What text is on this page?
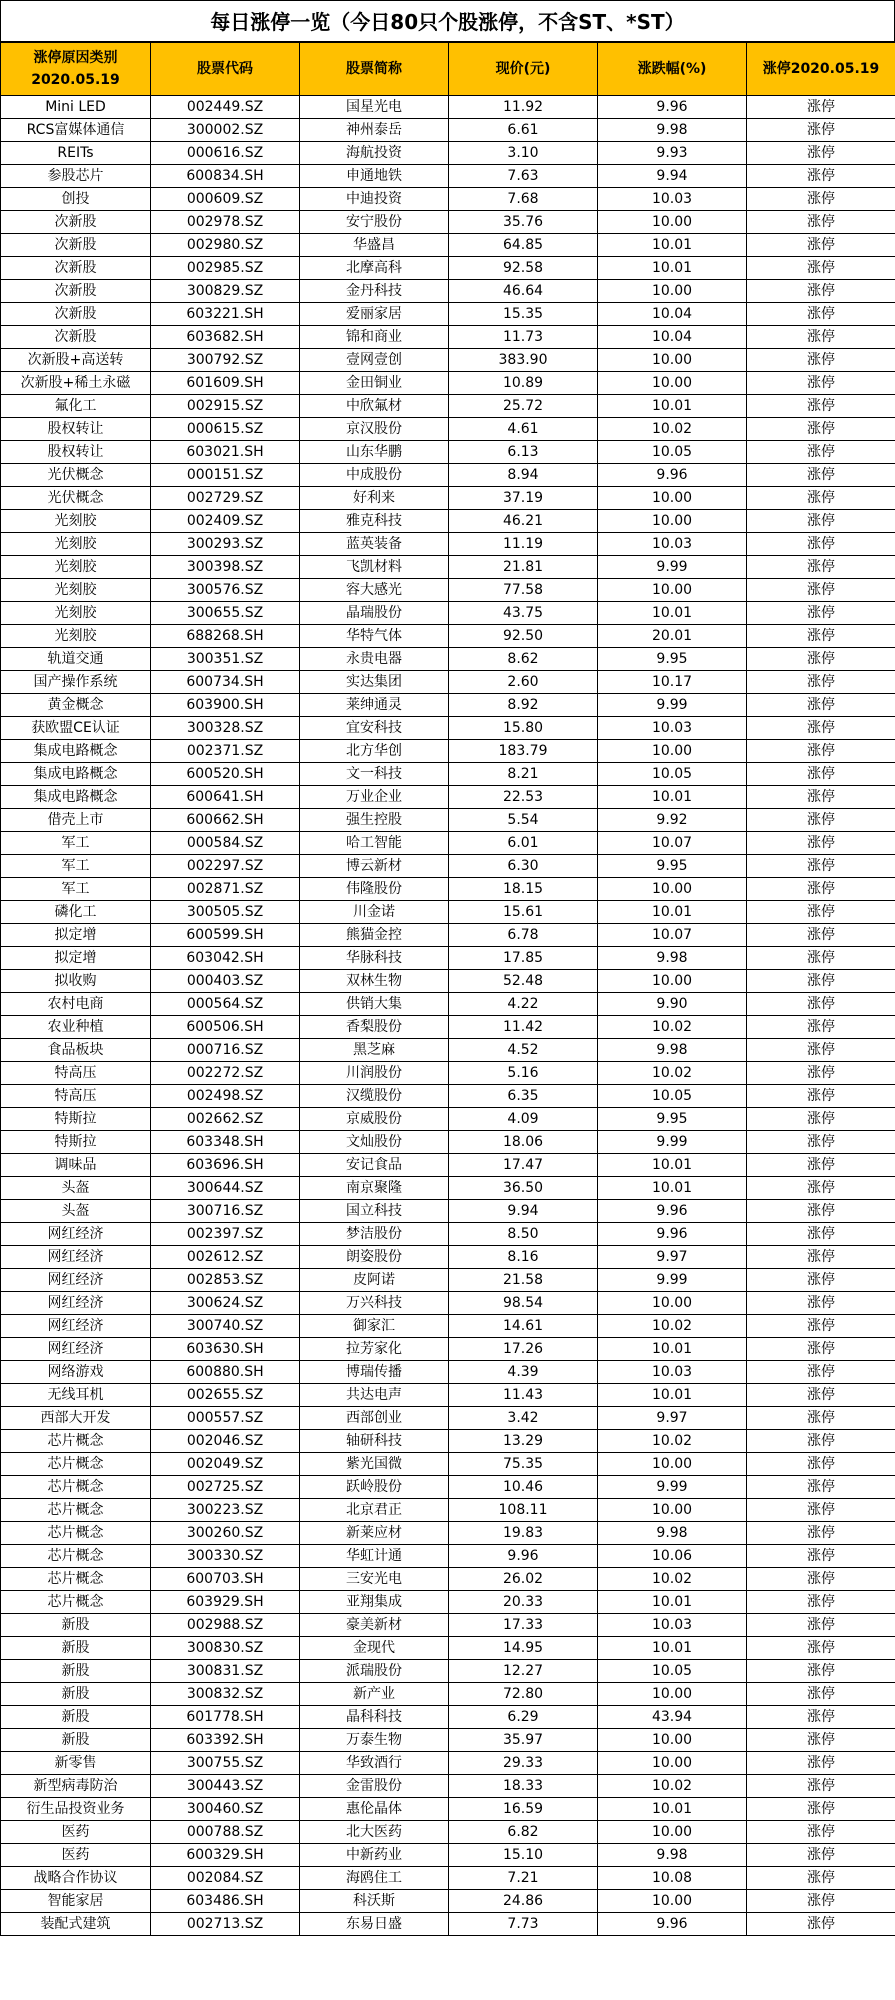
每日涨停一览（今日80只个股涨停，不含ST、*ST）
涨停原因类别
2020.05.19	股票代码	股票简称	现价(元)	涨跌幅(%)	涨停2020.05.19
Mini LED	002449.SZ	国星光电	11.92	9.96	涨停
RCS富媒体通信	300002.SZ	神州泰岳	6.61	9.98	涨停
REITs	000616.SZ	海航投资	3.10	9.93	涨停
参股芯片	600834.SH	申通地铁	7.63	9.94	涨停
创投	000609.SZ	中迪投资	7.68	10.03	涨停
次新股	002978.SZ	安宁股份	35.76	10.00	涨停
次新股	002980.SZ	华盛昌	64.85	10.01	涨停
次新股	002985.SZ	北摩高科	92.58	10.01	涨停
次新股	300829.SZ	金丹科技	46.64	10.00	涨停
次新股	603221.SH	爱丽家居	15.35	10.04	涨停
次新股	603682.SH	锦和商业	11.73	10.04	涨停
次新股+高送转	300792.SZ	壹网壹创	383.90	10.00	涨停
次新股+稀土永磁	601609.SH	金田铜业	10.89	10.00	涨停
氟化工	002915.SZ	中欣氟材	25.72	10.01	涨停
股权转让	000615.SZ	京汉股份	4.61	10.02	涨停
股权转让	603021.SH	山东华鹏	6.13	10.05	涨停
光伏概念	000151.SZ	中成股份	8.94	9.96	涨停
光伏概念	002729.SZ	好利来	37.19	10.00	涨停
光刻胶	002409.SZ	雅克科技	46.21	10.00	涨停
光刻胶	300293.SZ	蓝英装备	11.19	10.03	涨停
光刻胶	300398.SZ	飞凯材料	21.81	9.99	涨停
光刻胶	300576.SZ	容大感光	77.58	10.00	涨停
光刻胶	300655.SZ	晶瑞股份	43.75	10.01	涨停
光刻胶	688268.SH	华特气体	92.50	20.01	涨停
轨道交通	300351.SZ	永贵电器	8.62	9.95	涨停
国产操作系统	600734.SH	实达集团	2.60	10.17	涨停
黄金概念	603900.SH	莱绅通灵	8.92	9.99	涨停
获欧盟CE认证	300328.SZ	宜安科技	15.80	10.03	涨停
集成电路概念	002371.SZ	北方华创	183.79	10.00	涨停
集成电路概念	600520.SH	文一科技	8.21	10.05	涨停
集成电路概念	600641.SH	万业企业	22.53	10.01	涨停
借壳上市	600662.SH	强生控股	5.54	9.92	涨停
军工	000584.SZ	哈工智能	6.01	10.07	涨停
军工	002297.SZ	博云新材	6.30	9.95	涨停
军工	002871.SZ	伟隆股份	18.15	10.00	涨停
磷化工	300505.SZ	川金诺	15.61	10.01	涨停
拟定增	600599.SH	熊猫金控	6.78	10.07	涨停
拟定增	603042.SH	华脉科技	17.85	9.98	涨停
拟收购	000403.SZ	双林生物	52.48	10.00	涨停
农村电商	000564.SZ	供销大集	4.22	9.90	涨停
农业种植	600506.SH	香梨股份	11.42	10.02	涨停
食品板块	000716.SZ	黑芝麻	4.52	9.98	涨停
特高压	002272.SZ	川润股份	5.16	10.02	涨停
特高压	002498.SZ	汉缆股份	6.35	10.05	涨停
特斯拉	002662.SZ	京威股份	4.09	9.95	涨停
特斯拉	603348.SH	文灿股份	18.06	9.99	涨停
调味品	603696.SH	安记食品	17.47	10.01	涨停
头盔	300644.SZ	南京聚隆	36.50	10.01	涨停
头盔	300716.SZ	国立科技	9.94	9.96	涨停
网红经济	002397.SZ	梦洁股份	8.50	9.96	涨停
网红经济	002612.SZ	朗姿股份	8.16	9.97	涨停
网红经济	002853.SZ	皮阿诺	21.58	9.99	涨停
网红经济	300624.SZ	万兴科技	98.54	10.00	涨停
网红经济	300740.SZ	御家汇	14.61	10.02	涨停
网红经济	603630.SH	拉芳家化	17.26	10.01	涨停
网络游戏	600880.SH	博瑞传播	4.39	10.03	涨停
无线耳机	002655.SZ	共达电声	11.43	10.01	涨停
西部大开发	000557.SZ	西部创业	3.42	9.97	涨停
芯片概念	002046.SZ	轴研科技	13.29	10.02	涨停
芯片概念	002049.SZ	紫光国微	75.35	10.00	涨停
芯片概念	002725.SZ	跃岭股份	10.46	9.99	涨停
芯片概念	300223.SZ	北京君正	108.11	10.00	涨停
芯片概念	300260.SZ	新莱应材	19.83	9.98	涨停
芯片概念	300330.SZ	华虹计通	9.96	10.06	涨停
芯片概念	600703.SH	三安光电	26.02	10.02	涨停
芯片概念	603929.SH	亚翔集成	20.33	10.01	涨停
新股	002988.SZ	豪美新材	17.33	10.03	涨停
新股	300830.SZ	金现代	14.95	10.01	涨停
新股	300831.SZ	派瑞股份	12.27	10.05	涨停
新股	300832.SZ	新产业	72.80	10.00	涨停
新股	601778.SH	晶科科技	6.29	43.94	涨停
新股	603392.SH	万泰生物	35.97	10.00	涨停
新零售	300755.SZ	华致酒行	29.33	10.00	涨停
新型病毒防治	300443.SZ	金雷股份	18.33	10.02	涨停
衍生品投资业务	300460.SZ	惠伦晶体	16.59	10.01	涨停
医药	000788.SZ	北大医药	6.82	10.00	涨停
医药	600329.SH	中新药业	15.10	9.98	涨停
战略合作协议	002084.SZ	海鸥住工	7.21	10.08	涨停
智能家居	603486.SH	科沃斯	24.86	10.00	涨停
装配式建筑	002713.SZ	东易日盛	7.73	9.96	涨停
